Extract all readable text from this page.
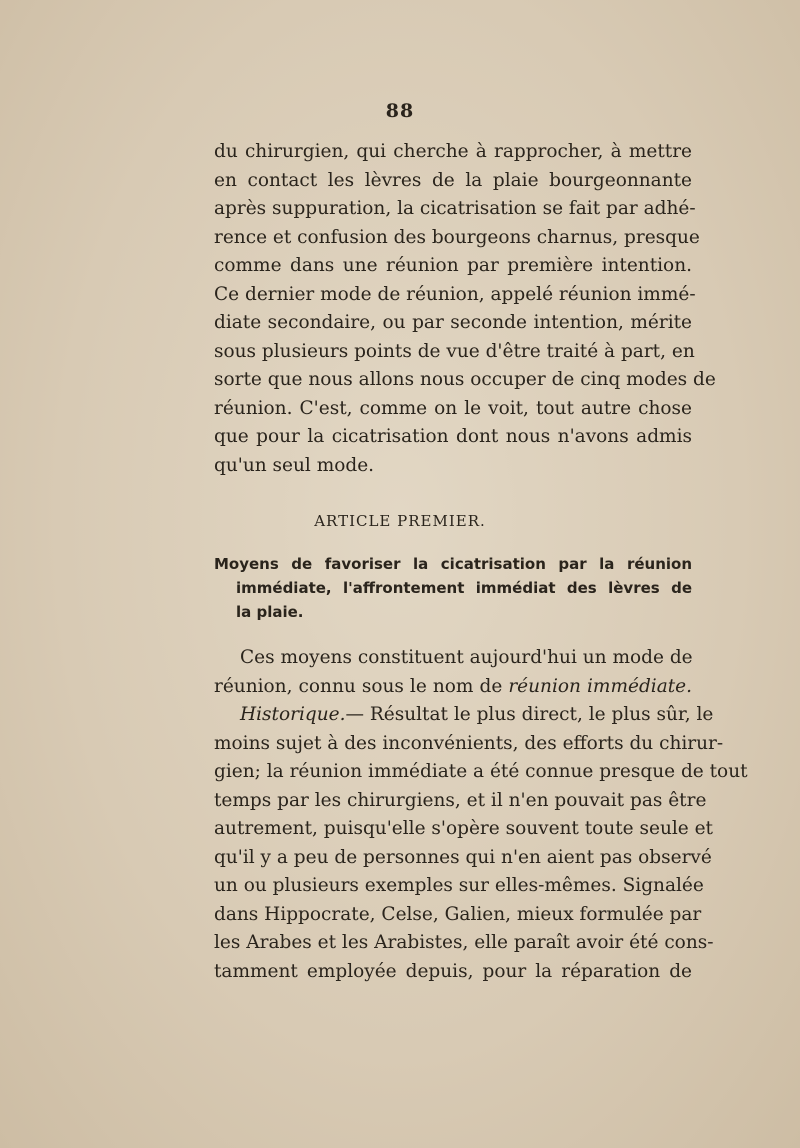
88
du chirurgien, qui cherche à rapprocher, à mettre
en contact les lèvres de la plaie bourgeonnante
après suppuration, la cicatrisation se fait par adhé-
rence et confusion des bourgeons charnus, presque
comme dans une réunion par première intention.
Ce dernier mode de réunion, appelé réunion immé-
diate secondaire, ou par seconde intention, mérite
sous plusieurs points de vue d'être traité à part, en
sorte que nous allons nous occuper de cinq modes de
réunion. C'est, comme on le voit, tout autre chose
que pour la cicatrisation dont nous n'avons admis
qu'un seul mode.
ARTICLE PREMIER.
Moyens de favoriser la cicatrisation par la réunion
immédiate, l'affrontement immédiat des lèvres de
la plaie.
Ces moyens constituent aujourd'hui un mode de
réunion, connu sous le nom de réunion immédiate.
Historique.— Résultat le plus direct, le plus sûr, le
moins sujet à des inconvénients, des efforts du chirur-
gien; la réunion immédiate a été connue presque de tout
temps par les chirurgiens, et il n'en pouvait pas être
autrement, puisqu'elle s'opère souvent toute seule et
qu'il y a peu de personnes qui n'en aient pas observé
un ou plusieurs exemples sur elles-mêmes. Signalée
dans Hippocrate, Celse, Galien, mieux formulée par
les Arabes et les Arabistes, elle paraît avoir été cons-
tamment employée depuis, pour la réparation de
